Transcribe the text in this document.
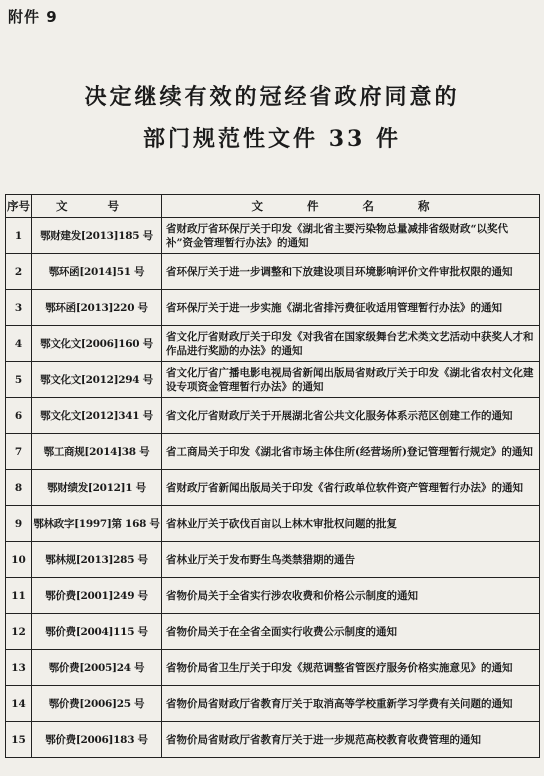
附件 9
决定继续有效的冠经省政府同意的
部门规范性文件 33 件
序号	文 号	文 件 名 称
1	鄂财建发[2013]185 号	省财政厅省环保厅关于印发《湖北省主要污染物总量减排省级财政“以奖代补”资金管理暂行办法》的通知
2	鄂环函[2014]51 号	省环保厅关于进一步调整和下放建设项目环境影响评价文件审批权限的通知
3	鄂环函[2013]220 号	省环保厅关于进一步实施《湖北省排污费征收适用管理暂行办法》的通知
4	鄂文化文[2006]160 号	省文化厅省财政厅关于印发《对我省在国家级舞台艺术类文艺活动中获奖人才和作品进行奖励的办法》的通知
5	鄂文化文[2012]294 号	省文化厅省广播电影电视局省新闻出版局省财政厅关于印发《湖北省农村文化建设专项资金管理暂行办法》的通知
6	鄂文化文[2012]341 号	省文化厅省财政厅关于开展湖北省公共文化服务体系示范区创建工作的通知
7	鄂工商规[2014]38 号	省工商局关于印发《湖北省市场主体住所(经营场所)登记管理暂行规定》的通知
8	鄂财绩发[2012]1 号	省财政厅省新闻出版局关于印发《省行政单位软件资产管理暂行办法》的通知
9	鄂林政字[1997]第 168 号	省林业厅关于砍伐百亩以上林木审批权问题的批复
10	鄂林规[2013]285 号	省林业厅关于发布野生鸟类禁猎期的通告
11	鄂价费[2001]249 号	省物价局关于全省实行涉农收费和价格公示制度的通知
12	鄂价费[2004]115 号	省物价局关于在全省全面实行收费公示制度的通知
13	鄂价费[2005]24 号	省物价局省卫生厅关于印发《规范调整省管医疗服务价格实施意见》的通知
14	鄂价费[2006]25 号	省物价局省财政厅省教育厅关于取消高等学校重新学习学费有关问题的通知
15	鄂价费[2006]183 号	省物价局省财政厅省教育厅关于进一步规范高校教育收费管理的通知
